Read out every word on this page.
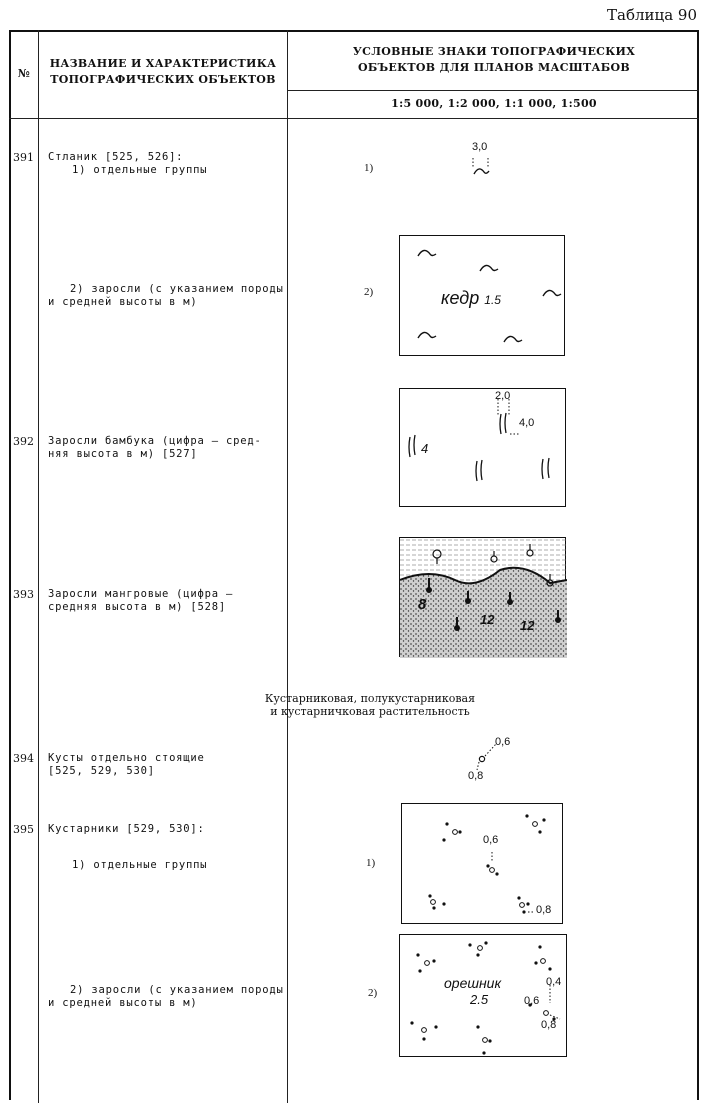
Таблица 90
№
НАЗВАНИЕ И ХАРАКТЕРИСТИКА
ТОПОГРАФИЧЕСКИХ ОБЪЕКТОВ
УСЛОВНЫЕ ЗНАКИ ТОПОГРАФИЧЕСКИХ
ОБЪЕКТОВ ДЛЯ ПЛАНОВ МАСШТАБОВ
1:5 000, 1:2 000, 1:1 000, 1:500
391 Стланик [525, 526]:
1) отдельные группы
2) заросли (с указанием породы
и средней высоты в м)
1)
2)
3,0
кедр 1.5
392 Заросли бамбука (цифра — сред-
няя высота в м) [527]
2,0
4,0
4
393 Заросли мангровые (цифра —
средняя высота в м) [528]	8
12 12
Кустарниковая, полукустарниковая
и кустарничковая растительность
394 Кусты отдельно стоящие
[525, 529, 530]
0,6
0,8
395 Кустарники [529, 530]:
1) отдельные группы
2) заросли (с указанием породы
и средней высоты в м)
1)
2)
0,6
0,8
орешник
2.5
0,4
0,6
0,8
